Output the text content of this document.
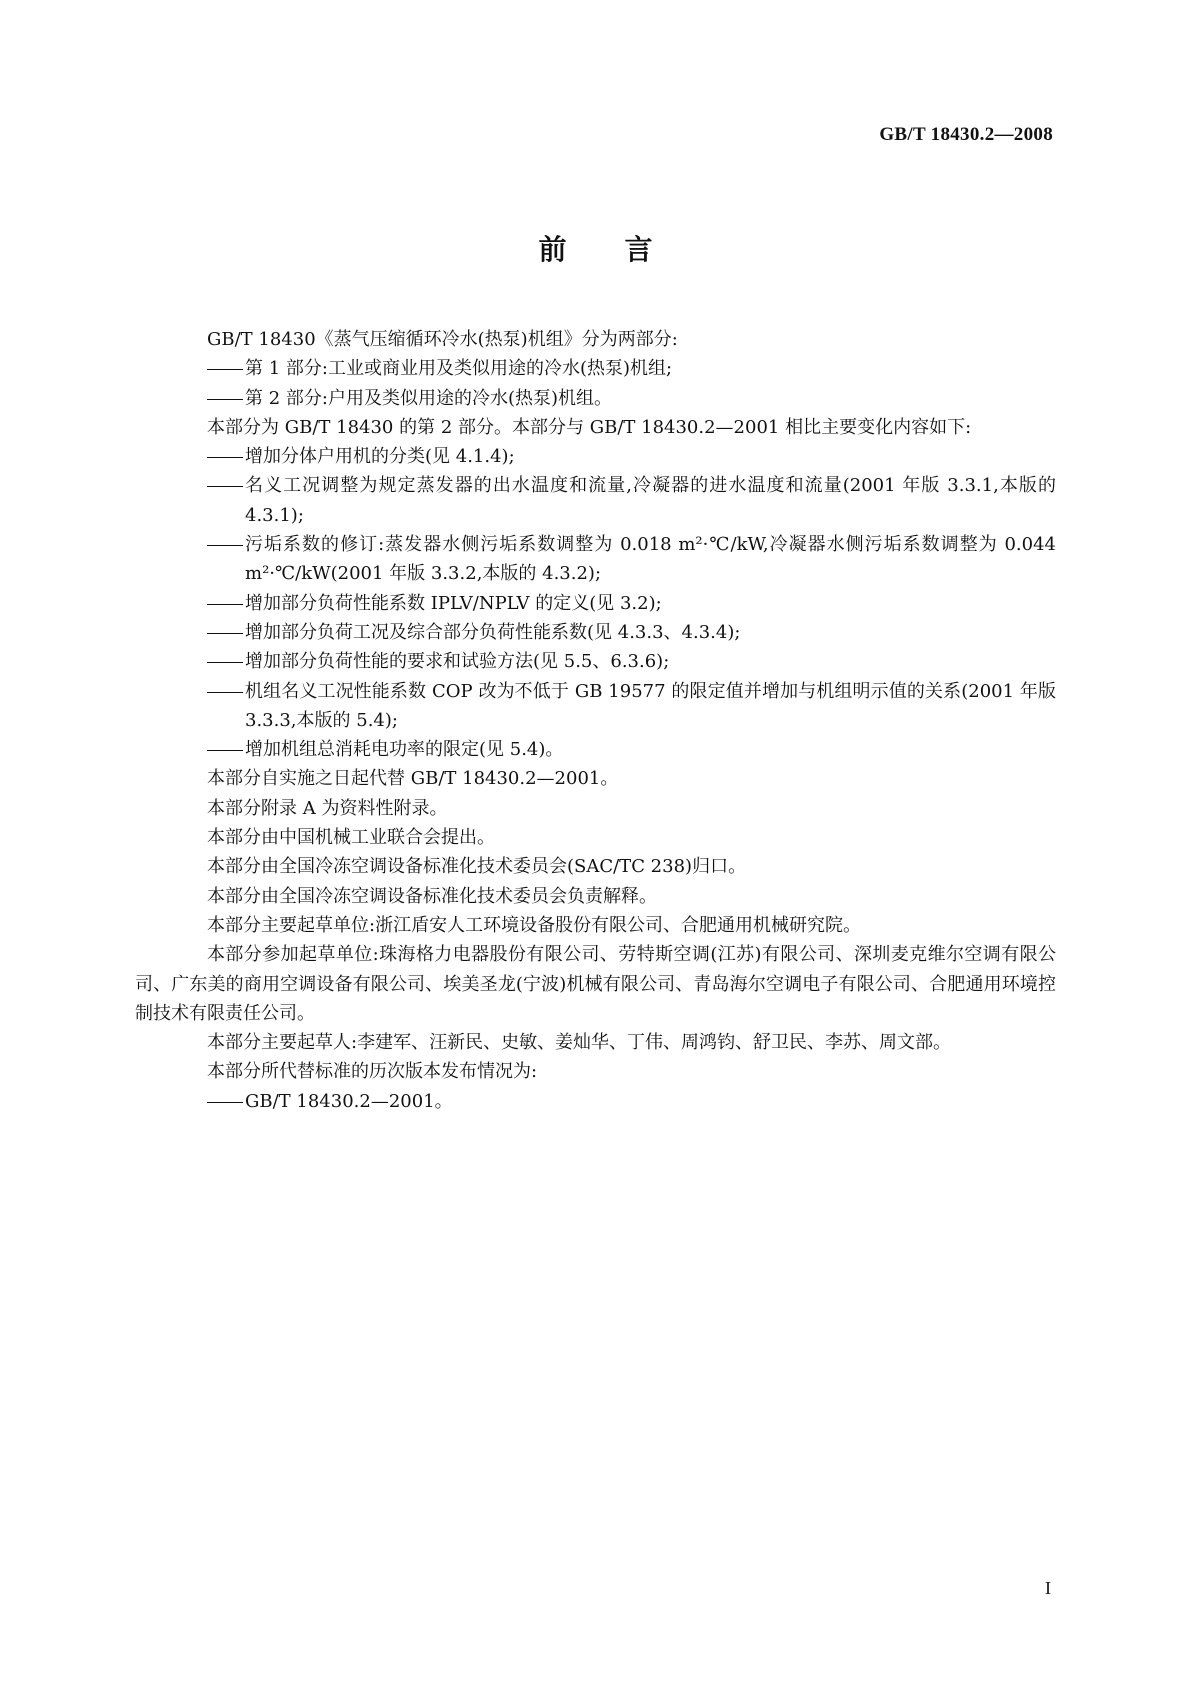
GB/T 18430.2—2008
前言

GB/T 18430《蒸气压缩循环冷水(热泵)机组》分为两部分:

第 1 部分:工业或商业用及类似用途的冷水(热泵)机组;

第 2 部分:户用及类似用途的冷水(热泵)机组。

本部分为 GB/T 18430 的第 2 部分。本部分与 GB/T 18430.2—2001 相比主要变化内容如下:

增加分体户用机的分类(见 4.1.4);

名义工况调整为规定蒸发器的出水温度和流量,冷凝器的进水温度和流量(2001 年版 3.3.1,本版的 4.3.1);

污垢系数的修订:蒸发器水侧污垢系数调整为 0.018 m²·℃/kW,冷凝器水侧污垢系数调整为 0.044 m²·℃/kW(2001 年版 3.3.2,本版的 4.3.2);

增加部分负荷性能系数 IPLV/NPLV 的定义(见 3.2);

增加部分负荷工况及综合部分负荷性能系数(见 4.3.3、4.3.4);

增加部分负荷性能的要求和试验方法(见 5.5、6.3.6);

机组名义工况性能系数 COP 改为不低于 GB 19577 的限定值并增加与机组明示值的关系(2001 年版 3.3.3,本版的 5.4);

增加机组总消耗电功率的限定(见 5.4)。

本部分自实施之日起代替 GB/T 18430.2—2001。

本部分附录 A 为资料性附录。

本部分由中国机械工业联合会提出。

本部分由全国冷冻空调设备标准化技术委员会(SAC/TC 238)归口。

本部分由全国冷冻空调设备标准化技术委员会负责解释。

本部分主要起草单位:浙江盾安人工环境设备股份有限公司、合肥通用机械研究院。

本部分参加起草单位:珠海格力电器股份有限公司、劳特斯空调(江苏)有限公司、深圳麦克维尔空调有限公司、广东美的商用空调设备有限公司、埃美圣龙(宁波)机械有限公司、青岛海尔空调电子有限公司、合肥通用环境控制技术有限责任公司。

本部分主要起草人:李建军、汪新民、史敏、姜灿华、丁伟、周鸿钧、舒卫民、李苏、周文部。

本部分所代替标准的历次版本发布情况为:

GB/T 18430.2—2001。

I
